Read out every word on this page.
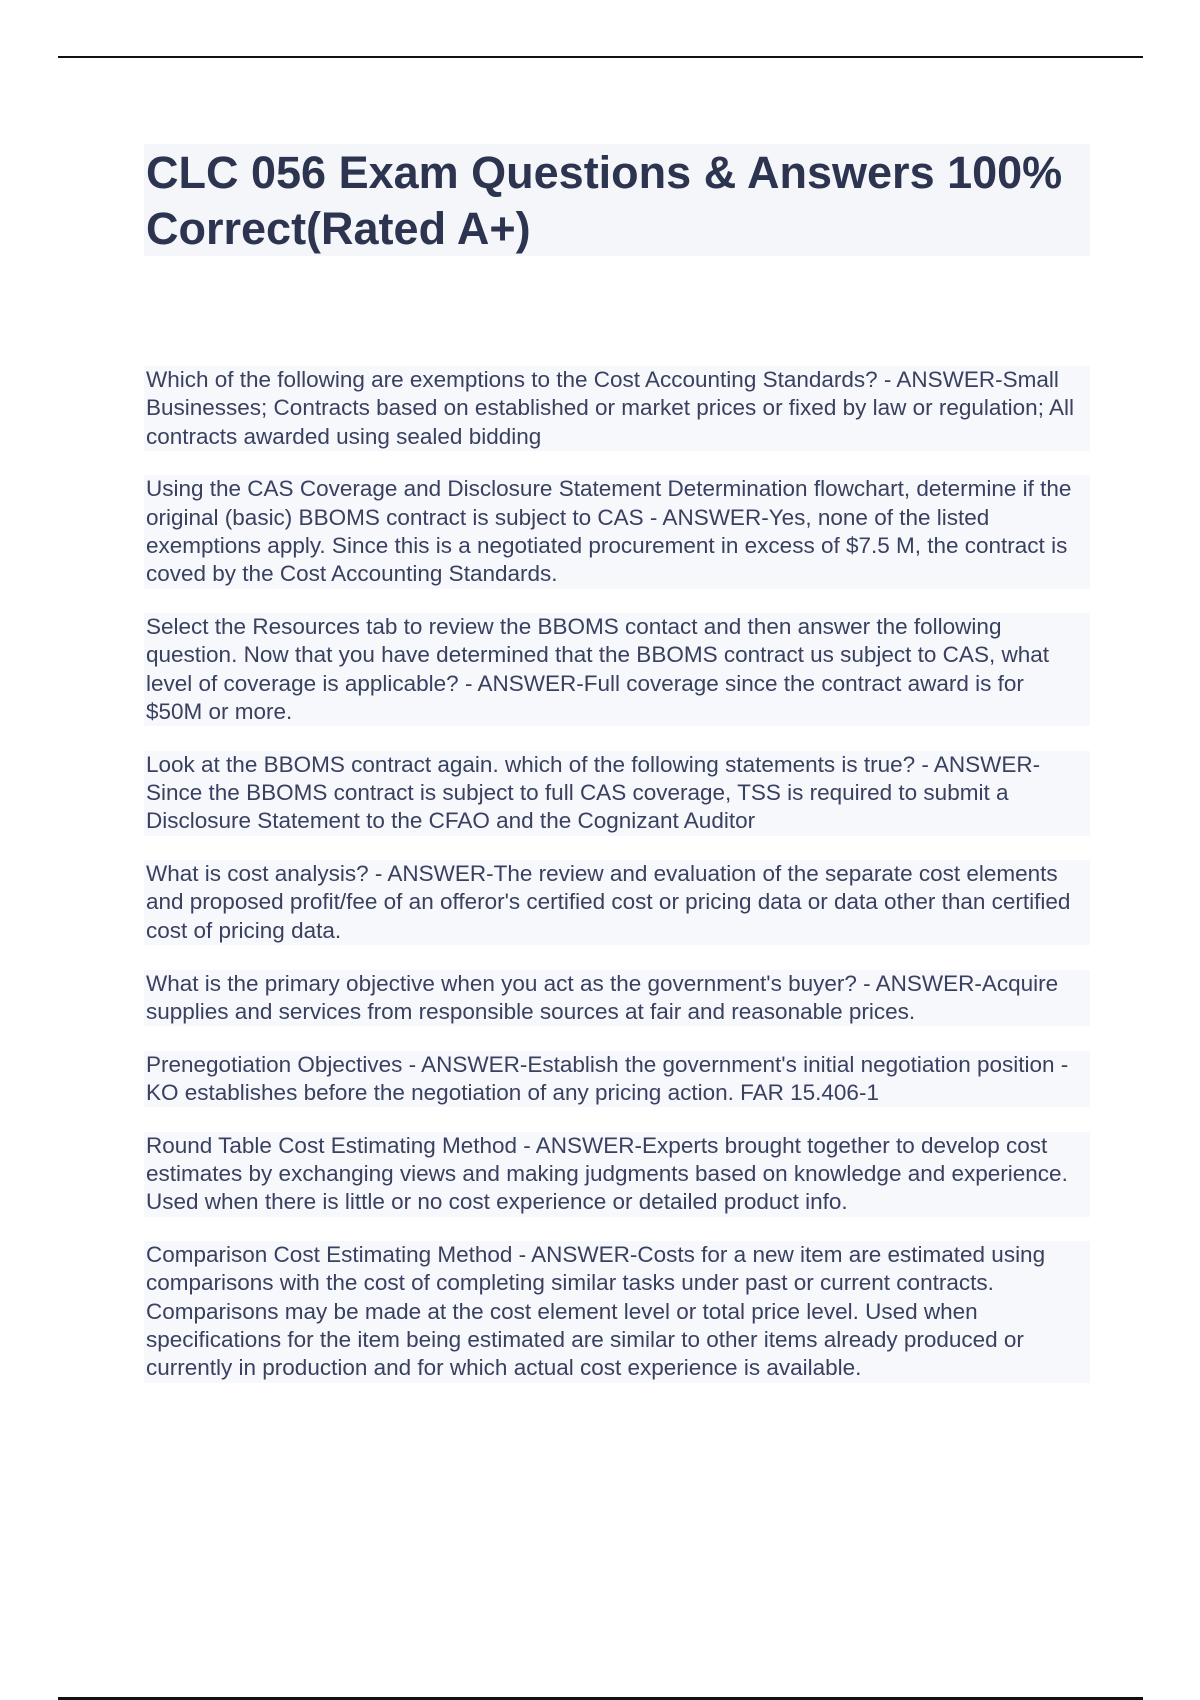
CLC 056 Exam Questions & Answers 100% Correct(Rated A+)

Which of the following are exemptions to the Cost Accounting Standards? - ANSWER-Small Businesses; Contracts based on established or market prices or fixed by law or regulation; All contracts awarded using sealed bidding

Using the CAS Coverage and Disclosure Statement Determination flowchart, determine if the original (basic) BBOMS contract is subject to CAS - ANSWER-Yes, none of the listed exemptions apply. Since this is a negotiated procurement in excess of $7.5 M, the contract is coved by the Cost Accounting Standards.

Select the Resources tab to review the BBOMS contact and then answer the following question. Now that you have determined that the BBOMS contract us subject to CAS, what level of coverage is applicable? - ANSWER-Full coverage since the contract award is for $50M or more.

Look at the BBOMS contract again. which of the following statements is true? - ANSWER-Since the BBOMS contract is subject to full CAS coverage, TSS is required to submit a Disclosure Statement to the CFAO and the Cognizant Auditor

What is cost analysis? - ANSWER-The review and evaluation of the separate cost elements and proposed profit/fee of an offeror's certified cost or pricing data or data other than certified cost of pricing data.

What is the primary objective when you act as the government's buyer? - ANSWER-Acquire supplies and services from responsible sources at fair and reasonable prices.

Prenegotiation Objectives - ANSWER-Establish the government's initial negotiation position - KO establishes before the negotiation of any pricing action. FAR 15.406-1

Round Table Cost Estimating Method - ANSWER-Experts brought together to develop cost estimates by exchanging views and making judgments based on knowledge and experience. Used when there is little or no cost experience or detailed product info.

Comparison Cost Estimating Method - ANSWER-Costs for a new item are estimated using comparisons with the cost of completing similar tasks under past or current contracts. Comparisons may be made at the cost element level or total price level. Used when specifications for the item being estimated are similar to other items already produced or currently in production and for which actual cost experience is available.
